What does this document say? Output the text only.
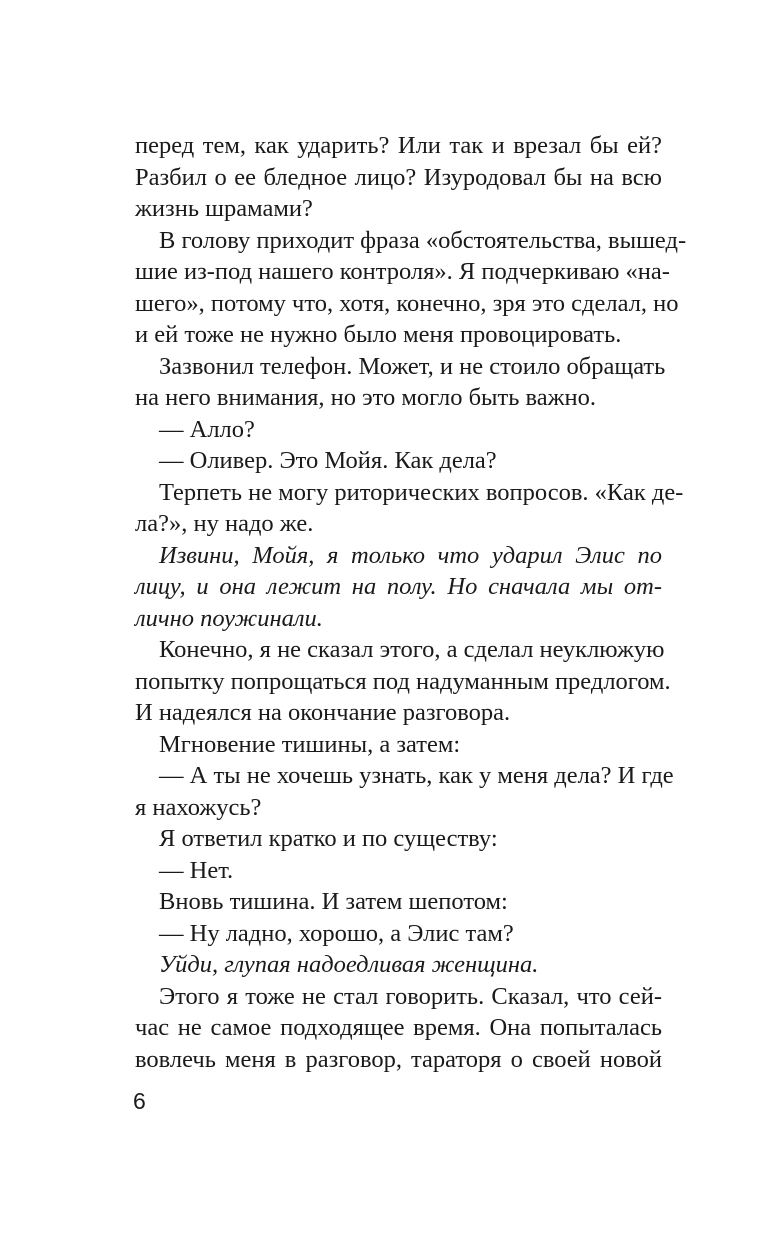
перед тем, как ударить? Или так и врезал бы ей?
Разбил о ее бледное лицо? Изуродовал бы на всю
жизнь шрамами?
В голову приходит фраза «обстоятельства, вышед-
шие из-под нашего контроля». Я подчеркиваю «на-
шего», потому что, хотя, конечно, зря это сделал, но
и ей тоже не нужно было меня провоцировать.
Зазвонил телефон. Может, и не стоило обращать
на него внимания, но это могло быть важно.
— Алло?
— Оливер. Это Мойя. Как дела?
Терпеть не могу риторических вопросов. «Как де-
ла?», ну надо же.
Извини, Мойя, я только что ударил Элис по
лицу, и она лежит на полу. Но сначала мы от-
лично поужинали.
Конечно, я не сказал этого, а сделал неуклюжую
попытку попрощаться под надуманным предлогом.
И надеялся на окончание разговора.
Мгновение тишины, а затем:
— А ты не хочешь узнать, как у меня дела? И где
я нахожусь?
Я ответил кратко и по существу:
— Нет.
Вновь тишина. И затем шепотом:
— Ну ладно, хорошо, а Элис там?
Уйди, глупая надоедливая женщина.
Этого я тоже не стал говорить. Сказал, что сей-
час не самое подходящее время. Она попыталась
вовлечь меня в разговор, тараторя о своей новой
6
